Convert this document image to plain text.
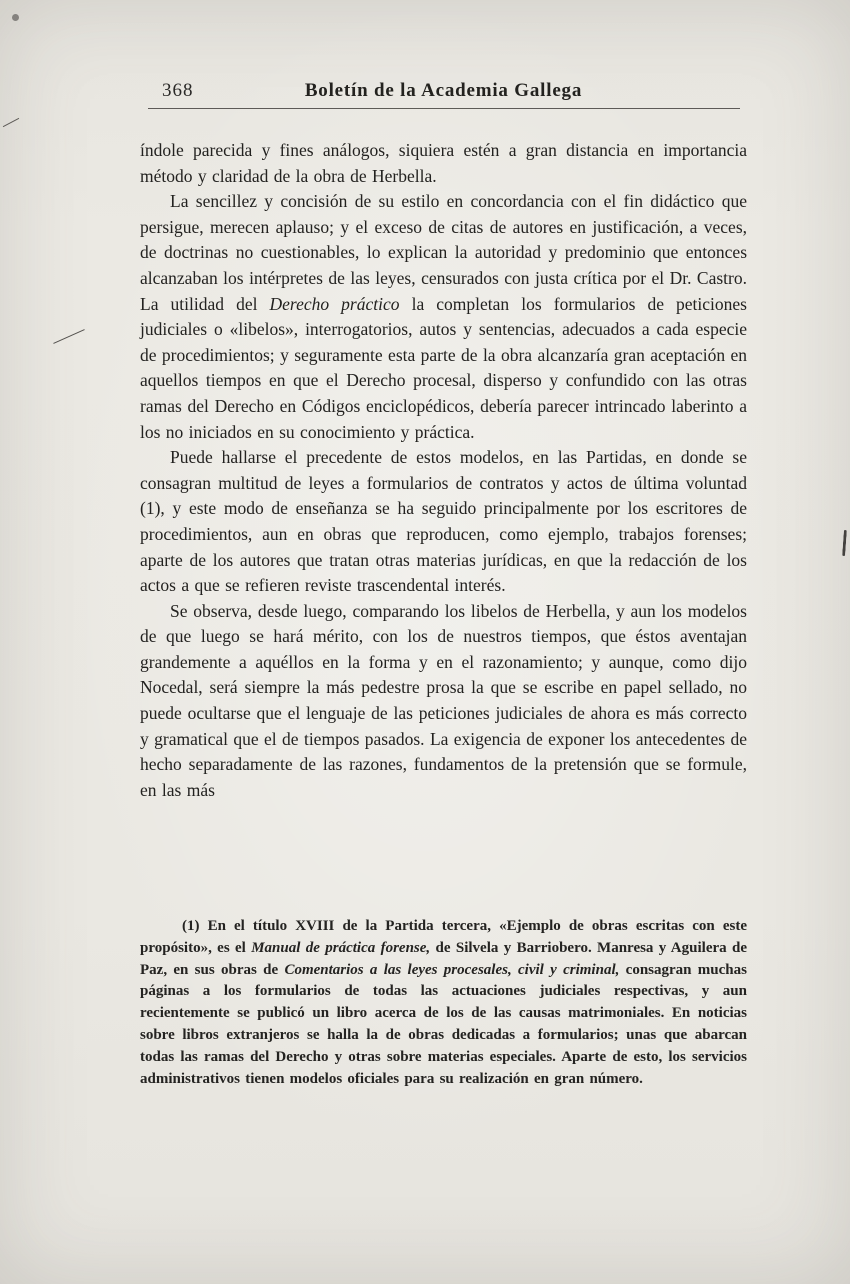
368	Boletín de la Academia Gallega

índole parecida y fines análogos, siquiera estén a gran distancia en importancia método y claridad de la obra de Herbella.

La sencillez y concisión de su estilo en concordancia con el fin didáctico que persigue, merecen aplauso; y el exceso de citas de autores en justificación, a veces, de doctrinas no cuestionables, lo explican la autoridad y predominio que entonces alcanzaban los intérpretes de las leyes, censurados con justa crítica por el Dr. Castro. La utilidad del Derecho práctico la completan los formularios de peticiones judiciales o «libelos», interrogatorios, autos y sentencias, adecuados a cada especie de procedimientos; y seguramente esta parte de la obra alcanzaría gran aceptación en aquellos tiempos en que el Derecho procesal, disperso y confundido con las otras ramas del Derecho en Códigos enciclopédicos, debería parecer intrincado laberinto a los no iniciados en su conocimiento y práctica.

Puede hallarse el precedente de estos modelos, en las Partidas, en donde se consagran multitud de leyes a formularios de contratos y actos de última voluntad (1), y este modo de enseñanza se ha seguido principalmente por los escritores de procedimientos, aun en obras que reproducen, como ejemplo, trabajos forenses; aparte de los autores que tratan otras materias jurídicas, en que la redacción de los actos a que se refieren reviste trascendental interés.

Se observa, desde luego, comparando los libelos de Herbella, y aun los modelos de que luego se hará mérito, con los de nuestros tiempos, que éstos aventajan grandemente a aquéllos en la forma y en el razonamiento; y aunque, como dijo Nocedal, será siempre la más pedestre prosa la que se escribe en papel sellado, no puede ocultarse que el lenguaje de las peticiones judiciales de ahora es más correcto y gramatical que el de tiempos pasados. La exigencia de exponer los antecedentes de hecho separadamente de las razones, fundamentos de la pretensión que se formule, en las más

(1) En el título XVIII de la Partida tercera, «Ejemplo de obras escritas con este propósito», es el Manual de práctica forense, de Silvela y Barriobero. Manresa y Aguilera de Paz, en sus obras de Comentarios a las leyes procesales, civil y criminal, consagran muchas páginas a los formularios de todas las actuaciones judiciales respectivas, y aun recientemente se publicó un libro acerca de los de las causas matrimoniales. En noticias sobre libros extranjeros se halla la de obras dedicadas a formularios; unas que abarcan todas las ramas del Derecho y otras sobre materias especiales. Aparte de esto, los servicios administrativos tienen modelos oficiales para su realización en gran número.
